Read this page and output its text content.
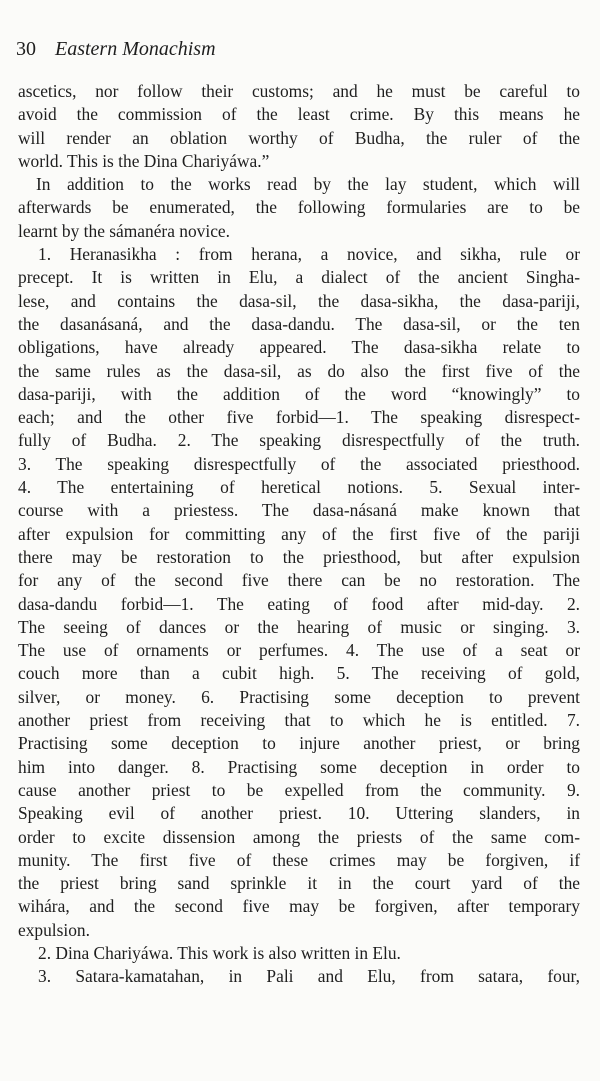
30 Eastern Monachism
ascetics, nor follow their customs; and he must be careful to
avoid the commission of the least crime. By this means he
will render an oblation worthy of Budha, the ruler of the
world. This is the Dina Chariyáwa.”
In addition to the works read by the lay student, which will
afterwards be enumerated, the following formularies are to be
learnt by the sámanéra novice.
1. Heranasikha : from herana, a novice, and sikha, rule or
precept. It is written in Elu, a dialect of the ancient Singha-
lese, and contains the dasa-sil, the dasa-sikha, the dasa-pariji,
the dasanásaná, and the dasa-dandu. The dasa-sil, or the ten
obligations, have already appeared. The dasa-sikha relate to
the same rules as the dasa-sil, as do also the first five of the
dasa-pariji, with the addition of the word “knowingly” to
each; and the other five forbid—1. The speaking disrespect-
fully of Budha. 2. The speaking disrespectfully of the truth.
3. The speaking disrespectfully of the associated priesthood.
4. The entertaining of heretical notions. 5. Sexual inter-
course with a priestess. The dasa-násaná make known that
after expulsion for committing any of the first five of the pariji
there may be restoration to the priesthood, but after expulsion
for any of the second five there can be no restoration. The
dasa-dandu forbid—1. The eating of food after mid-day. 2.
The seeing of dances or the hearing of music or singing. 3.
The use of ornaments or perfumes. 4. The use of a seat or
couch more than a cubit high. 5. The receiving of gold,
silver, or money. 6. Practising some deception to prevent
another priest from receiving that to which he is entitled. 7.
Practising some deception to injure another priest, or bring
him into danger. 8. Practising some deception in order to
cause another priest to be expelled from the community. 9.
Speaking evil of another priest. 10. Uttering slanders, in
order to excite dissension among the priests of the same com-
munity. The first five of these crimes may be forgiven, if
the priest bring sand sprinkle it in the court yard of the
wihára, and the second five may be forgiven, after temporary
expulsion.
2. Dina Chariyáwa. This work is also written in Elu.
3. Satara-kamatahan, in Pali and Elu, from satara, four,
